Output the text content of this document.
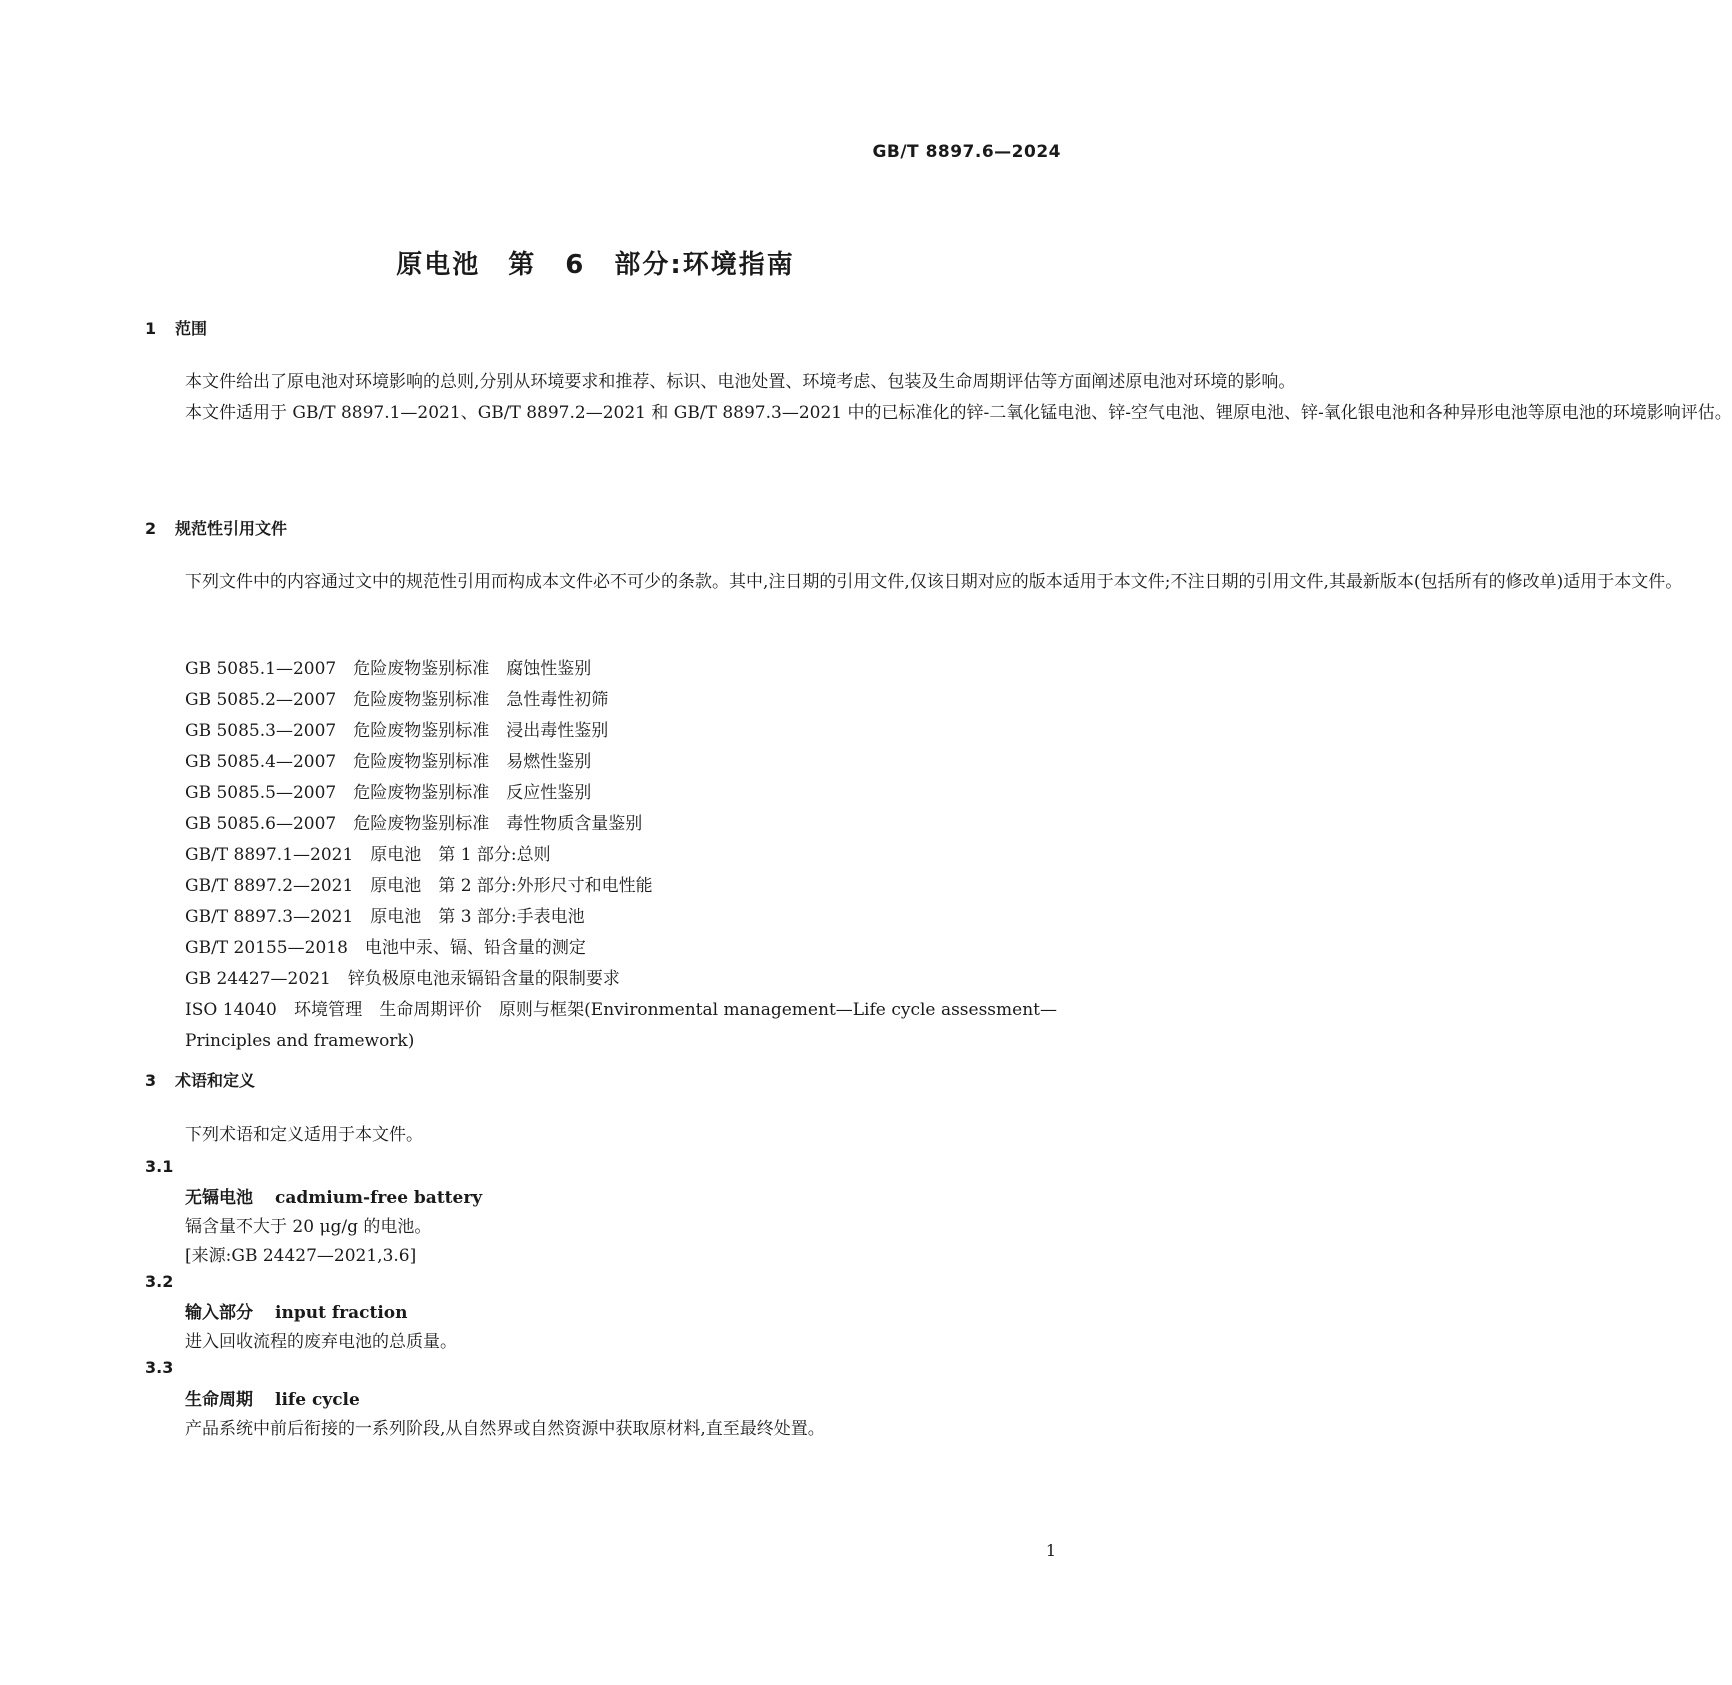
GB/T 8897.6—2024
原电池　第 6 部分:环境指南
1 范围

本文件给出了原电池对环境影响的总则,分别从环境要求和推荐、标识、电池处置、环境考虑、包装及生命周期评估等方面阐述原电池对环境的影响。

本文件适用于 GB/T 8897.1—2021、GB/T 8897.2—2021 和 GB/T 8897.3—2021 中的已标准化的锌-二氧化锰电池、锌-空气电池、锂原电池、锌-氧化银电池和各种异形电池等原电池的环境影响评估。

2 规范性引用文件

下列文件中的内容通过文中的规范性引用而构成本文件必不可少的条款。其中,注日期的引用文件,仅该日期对应的版本适用于本文件;不注日期的引用文件,其最新版本(包括所有的修改单)适用于本文件。

GB 5085.1—2007　危险废物鉴别标准　腐蚀性鉴别
GB 5085.2—2007　危险废物鉴别标准　急性毒性初筛
GB 5085.3—2007　危险废物鉴别标准　浸出毒性鉴别
GB 5085.4—2007　危险废物鉴别标准　易燃性鉴别
GB 5085.5—2007　危险废物鉴别标准　反应性鉴别
GB 5085.6—2007　危险废物鉴别标准　毒性物质含量鉴别
GB/T 8897.1—2021　原电池　第 1 部分:总则
GB/T 8897.2—2021　原电池　第 2 部分:外形尺寸和电性能
GB/T 8897.3—2021　原电池　第 3 部分:手表电池
GB/T 20155—2018　电池中汞、镉、铅含量的测定
GB 24427—2021　锌负极原电池汞镉铅含量的限制要求
ISO 14040　环境管理　生命周期评价　原则与框架(Environmental management—Life cycle assessment—Principles and framework)
3 术语和定义

下列术语和定义适用于本文件。

3.1
无镉电池 cadmium-free battery
镉含量不大于 20 μg/g 的电池。
[来源:GB 24427—2021,3.6]
3.2
输入部分 input fraction
进入回收流程的废弃电池的总质量。
3.3
生命周期 life cycle
产品系统中前后衔接的一系列阶段,从自然界或自然资源中获取原材料,直至最终处置。
1
